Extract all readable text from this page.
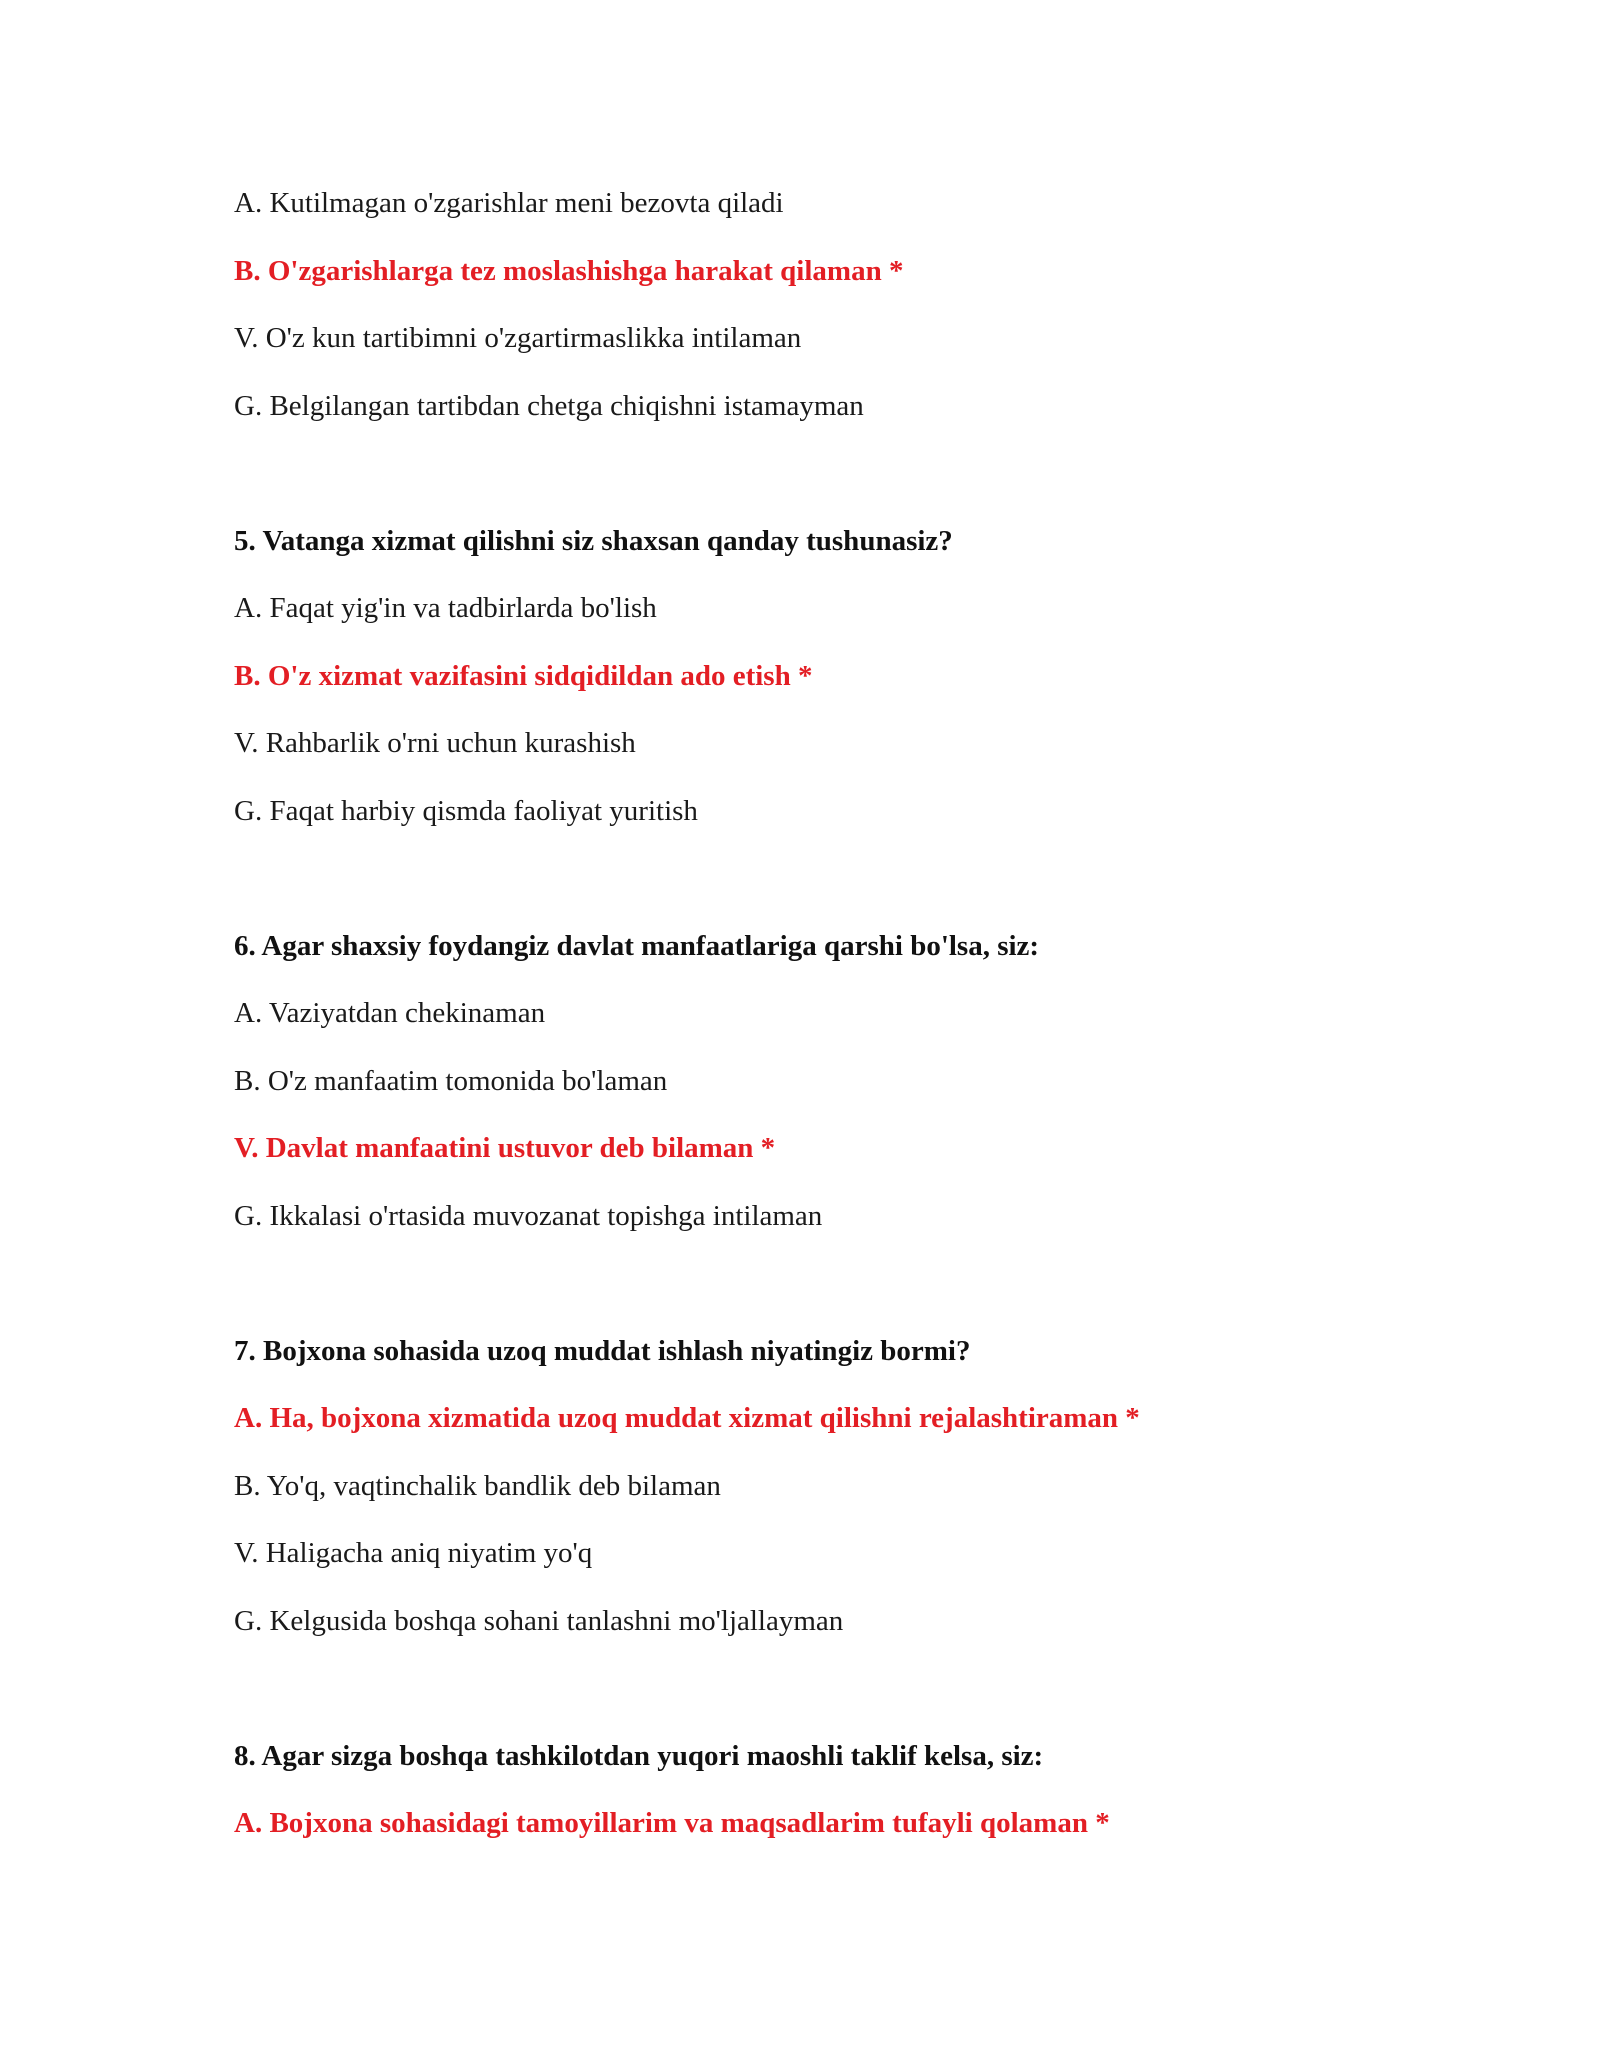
A. Kutilmagan o'zgarishlar meni bezovta qiladi
B. O'zgarishlarga tez moslashishga harakat qilaman *
V. O'z kun tartibimni o'zgartirmaslikka intilaman
G. Belgilangan tartibdan chetga chiqishni istamayman
5. Vatanga xizmat qilishni siz shaxsan qanday tushunasiz?
A. Faqat yig'in va tadbirlarda bo'lish
B. O'z xizmat vazifasini sidqidildan ado etish *
V. Rahbarlik o'rni uchun kurashish
G. Faqat harbiy qismda faoliyat yuritish
6. Agar shaxsiy foydangiz davlat manfaatlariga qarshi bo'lsa, siz:
A. Vaziyatdan chekinaman
B. O'z manfaatim tomonida bo'laman
V. Davlat manfaatini ustuvor deb bilaman *
G. Ikkalasi o'rtasida muvozanat topishga intilaman
7. Bojxona sohasida uzoq muddat ishlash niyatingiz bormi?
A. Ha, bojxona xizmatida uzoq muddat xizmat qilishni rejalashtiraman *
B. Yo'q, vaqtinchalik bandlik deb bilaman
V. Haligacha aniq niyatim yo'q
G. Kelgusida boshqa sohani tanlashni mo'ljallayman
8. Agar sizga boshqa tashkilotdan yuqori maoshli taklif kelsa, siz:
A. Bojxona sohasidagi tamoyillarim va maqsadlarim tufayli qolaman *
